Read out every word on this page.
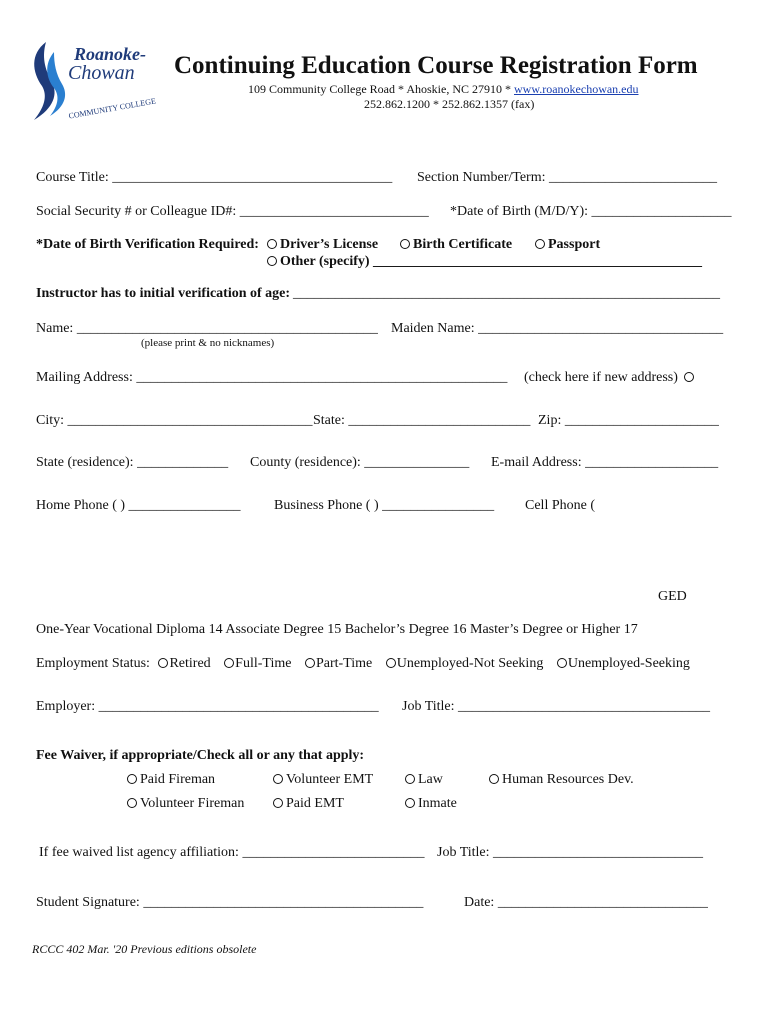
Roanoke-
Chowan
COMMUNITY COLLEGE
Continuing Education Course Registration Form
109 Community College Road * Ahoskie, NC 27910 * www.roanokechowan.edu
252.862.1200 * 252.862.1357 (fax)
Course Title: ________________________________________ Section Number/Term: ________________________
Social Security # or Colleague ID#: ___________________________ *Date of Birth (M/D/Y): ____________________
*Date of Birth Verification Required:	Driver’s License	Birth Certificate	Passport
Other (specify) _______________________________________________
Instructor has to initial verification of age: _____________________________________________________________
Name: ___________________________________________
(please print & no nicknames)
Maiden Name: ___________________________________
Mailing Address: _____________________________________________________ (check here if new address)
City: ___________________________________ State: __________________________ Zip: ______________________
State (residence): _____________ County (residence): _______________ E-mail Address: ___________________
Home Phone ( ) ________________ Business Phone ( ) ________________ Cell Phone (
GED
One-Year Vocational Diploma 14 Associate Degree 15 Bachelor’s Degree 16 Master’s Degree or Higher 17
Employment Status: Retired Full-Time Part-Time Unemployed-Not Seeking Unemployed-Seeking
Employer: ________________________________________ Job Title: ____________________________________
Fee Waiver, if appropriate/Check all or any that apply:
Paid Fireman	Volunteer EMT	Law	Human Resources Dev.
Volunteer Fireman	Paid EMT	Inmate
If fee waived list agency affiliation: __________________________ Job Title: ______________________________
Student Signature: ________________________________________	Date: ______________________________
RCCC 402 Mar. '20 Previous editions obsolete
